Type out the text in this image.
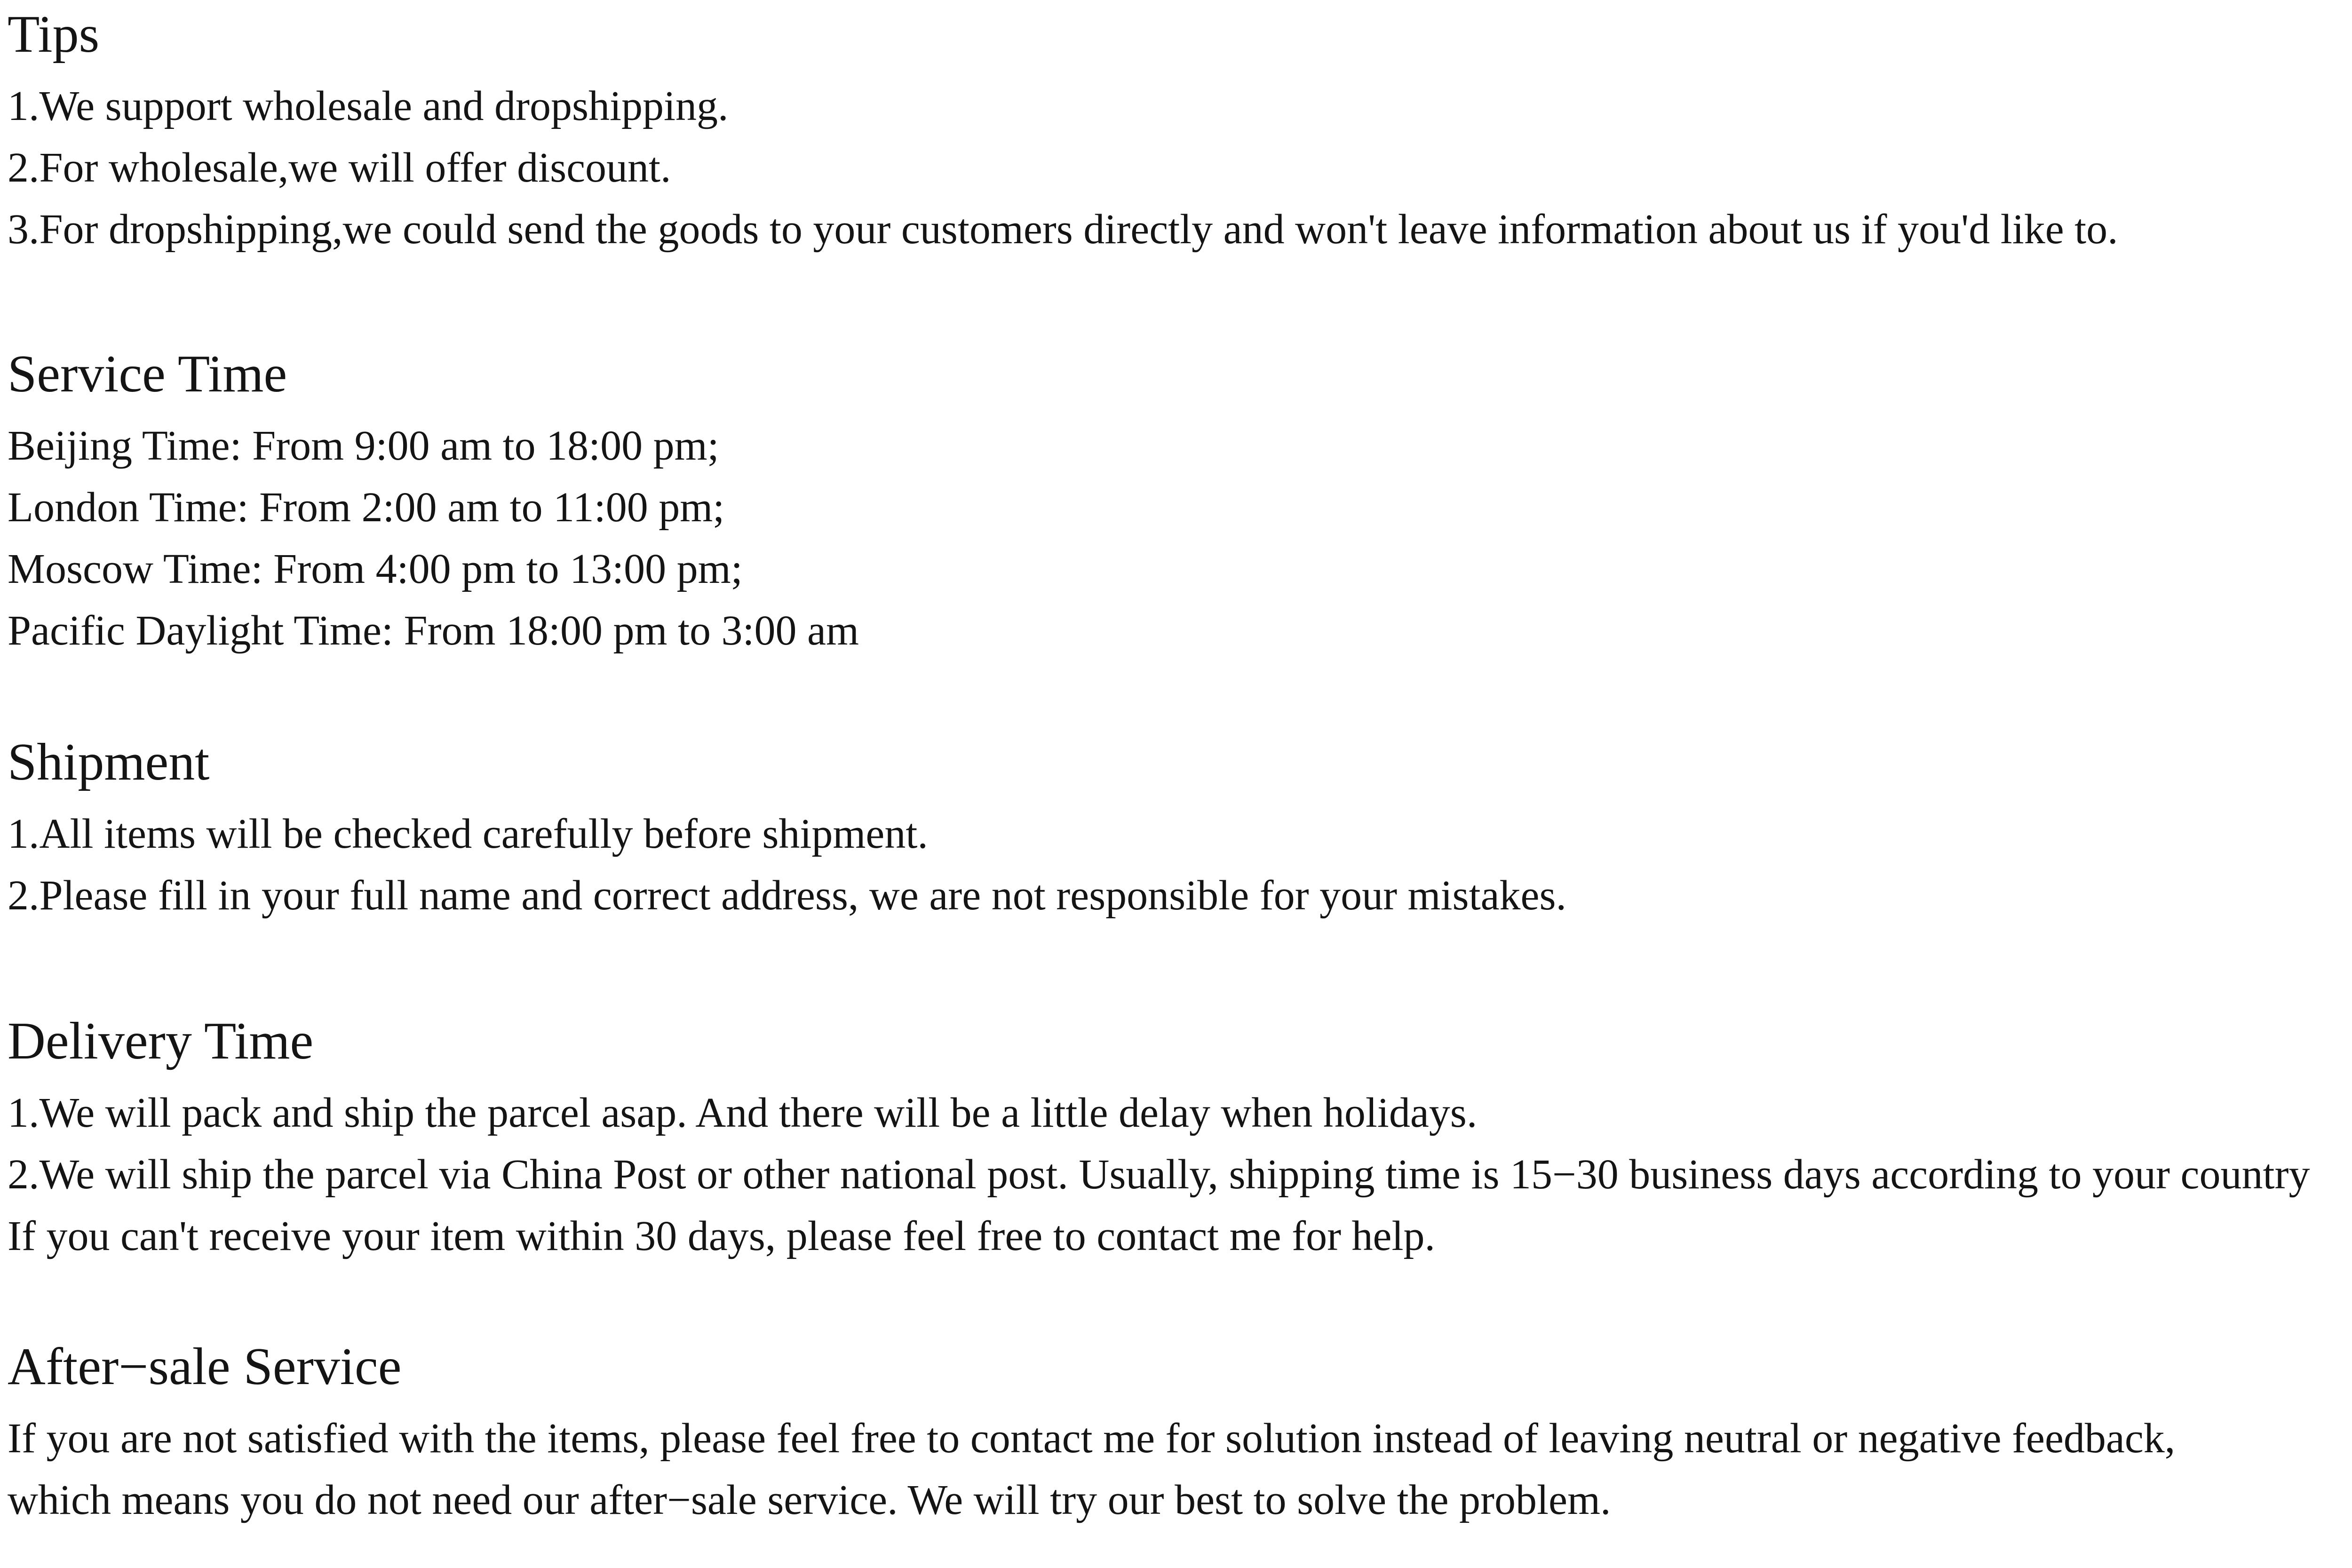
Tips

1.We support wholesale and dropshipping.

2.For wholesale,we will offer discount.

3.For dropshipping,we could send the goods to your customers directly and won't leave information about us if you'd like to.

Service Time

Beijing Time: From 9:00 am to 18:00 pm;

London Time: From 2:00 am to 11:00 pm;

Moscow Time: From 4:00 pm to 13:00 pm;

Pacific Daylight Time: From 18:00 pm to 3:00 am

Shipment

1.All items will be checked carefully before shipment.

2.Please fill in your full name and correct address, we are not responsible for your mistakes.

Delivery Time

1.We will pack and ship the parcel asap. And there will be a little delay when holidays.

2.We will ship the parcel via China Post or other national post. Usually, shipping time is 15−30 business days according to your country

If you can't receive your item within 30 days, please feel free to contact me for help.

After−sale Service

If you are not satisfied with the items, please feel free to contact me for solution instead of leaving neutral or negative feedback,

which means you do not need our after−sale service. We will try our best to solve the problem.
